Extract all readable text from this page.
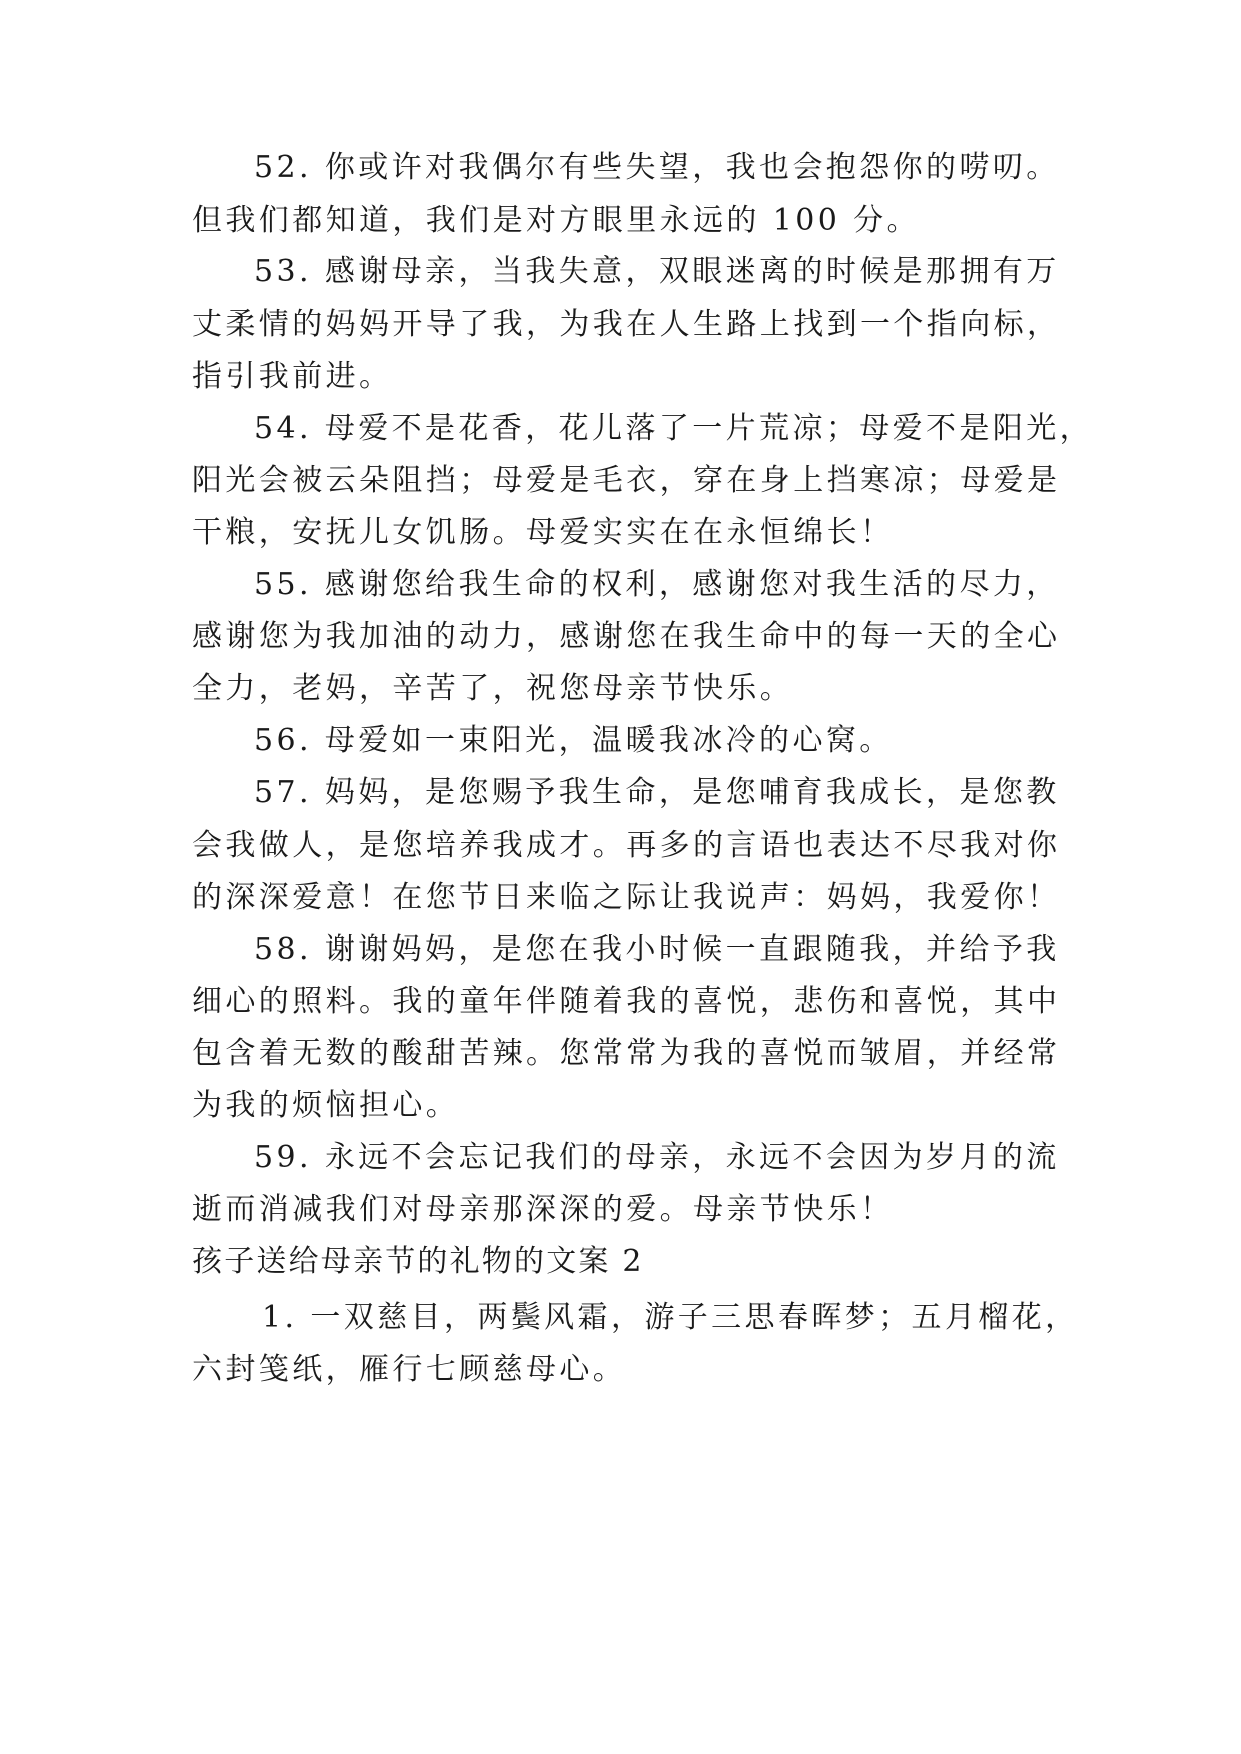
52. 你或许对我偶尔有些失望，我也会抱怨你的唠叨。
但我们都知道，我们是对方眼里永远的 100 分。
53. 感谢母亲，当我失意，双眼迷离的时候是那拥有万
丈柔情的妈妈开导了我，为我在人生路上找到一个指向标，
指引我前进。
54. 母爱不是花香，花儿落了一片荒凉；母爱不是阳光，
阳光会被云朵阻挡；母爱是毛衣，穿在身上挡寒凉；母爱是
干粮，安抚儿女饥肠。母爱实实在在永恒绵长！
55. 感谢您给我生命的权利，感谢您对我生活的尽力，
感谢您为我加油的动力，感谢您在我生命中的每一天的全心
全力，老妈，辛苦了，祝您母亲节快乐。
56. 母爱如一束阳光，温暖我冰冷的心窝。
57. 妈妈，是您赐予我生命，是您哺育我成长，是您教
会我做人，是您培养我成才。再多的言语也表达不尽我对你
的深深爱意！在您节日来临之际让我说声：妈妈，我爱你！
58. 谢谢妈妈，是您在我小时候一直跟随我，并给予我
细心的照料。我的童年伴随着我的喜悦，悲伤和喜悦，其中
包含着无数的酸甜苦辣。您常常为我的喜悦而皱眉，并经常
为我的烦恼担心。
59. 永远不会忘记我们的母亲，永远不会因为岁月的流
逝而消减我们对母亲那深深的爱。母亲节快乐！
孩子送给母亲节的礼物的文案 2
1. 一双慈目，两鬓风霜，游子三思春晖梦；五月榴花，
六封笺纸，雁行七顾慈母心。
